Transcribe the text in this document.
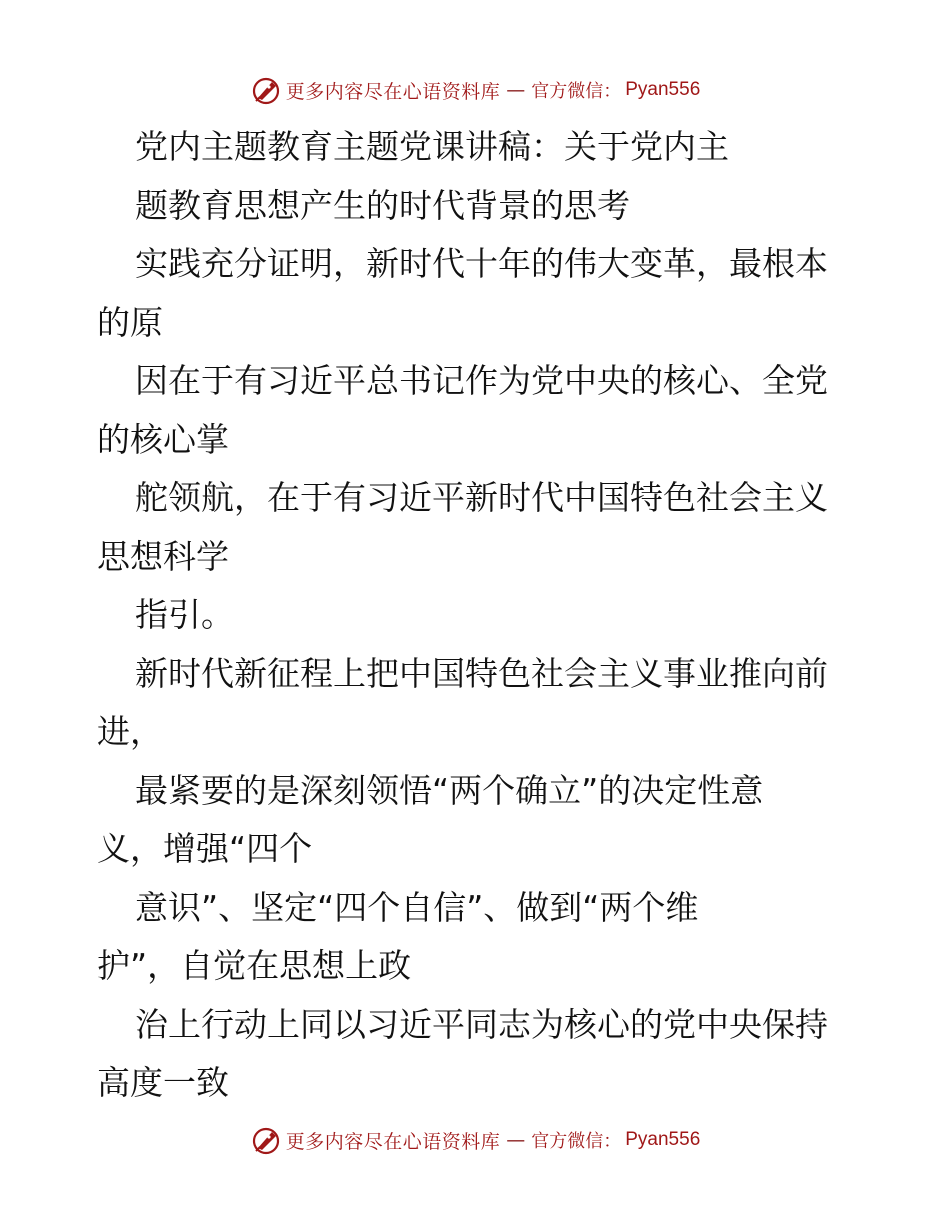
更多内容尽在心语资料库 — 官方微信： Pyan556
党内主题教育主题党课讲稿：关于党内主
题教育思想产生的时代背景的思考
实践充分证明，新时代十年的伟大变革，最根本
的原
因在于有习近平总书记作为党中央的核心、全党
的核心掌
舵领航，在于有习近平新时代中国特色社会主义
思想科学
指引。
新时代新征程上把中国特色社会主义事业推向前
进，
最紧要的是深刻领悟“两个确立”的决定性意
义，增强“四个
意识”、坚定“四个自信”、做到“两个维
护”，自觉在思想上政
治上行动上同以习近平同志为核心的党中央保持
高度一致
更多内容尽在心语资料库 — 官方微信： Pyan556
